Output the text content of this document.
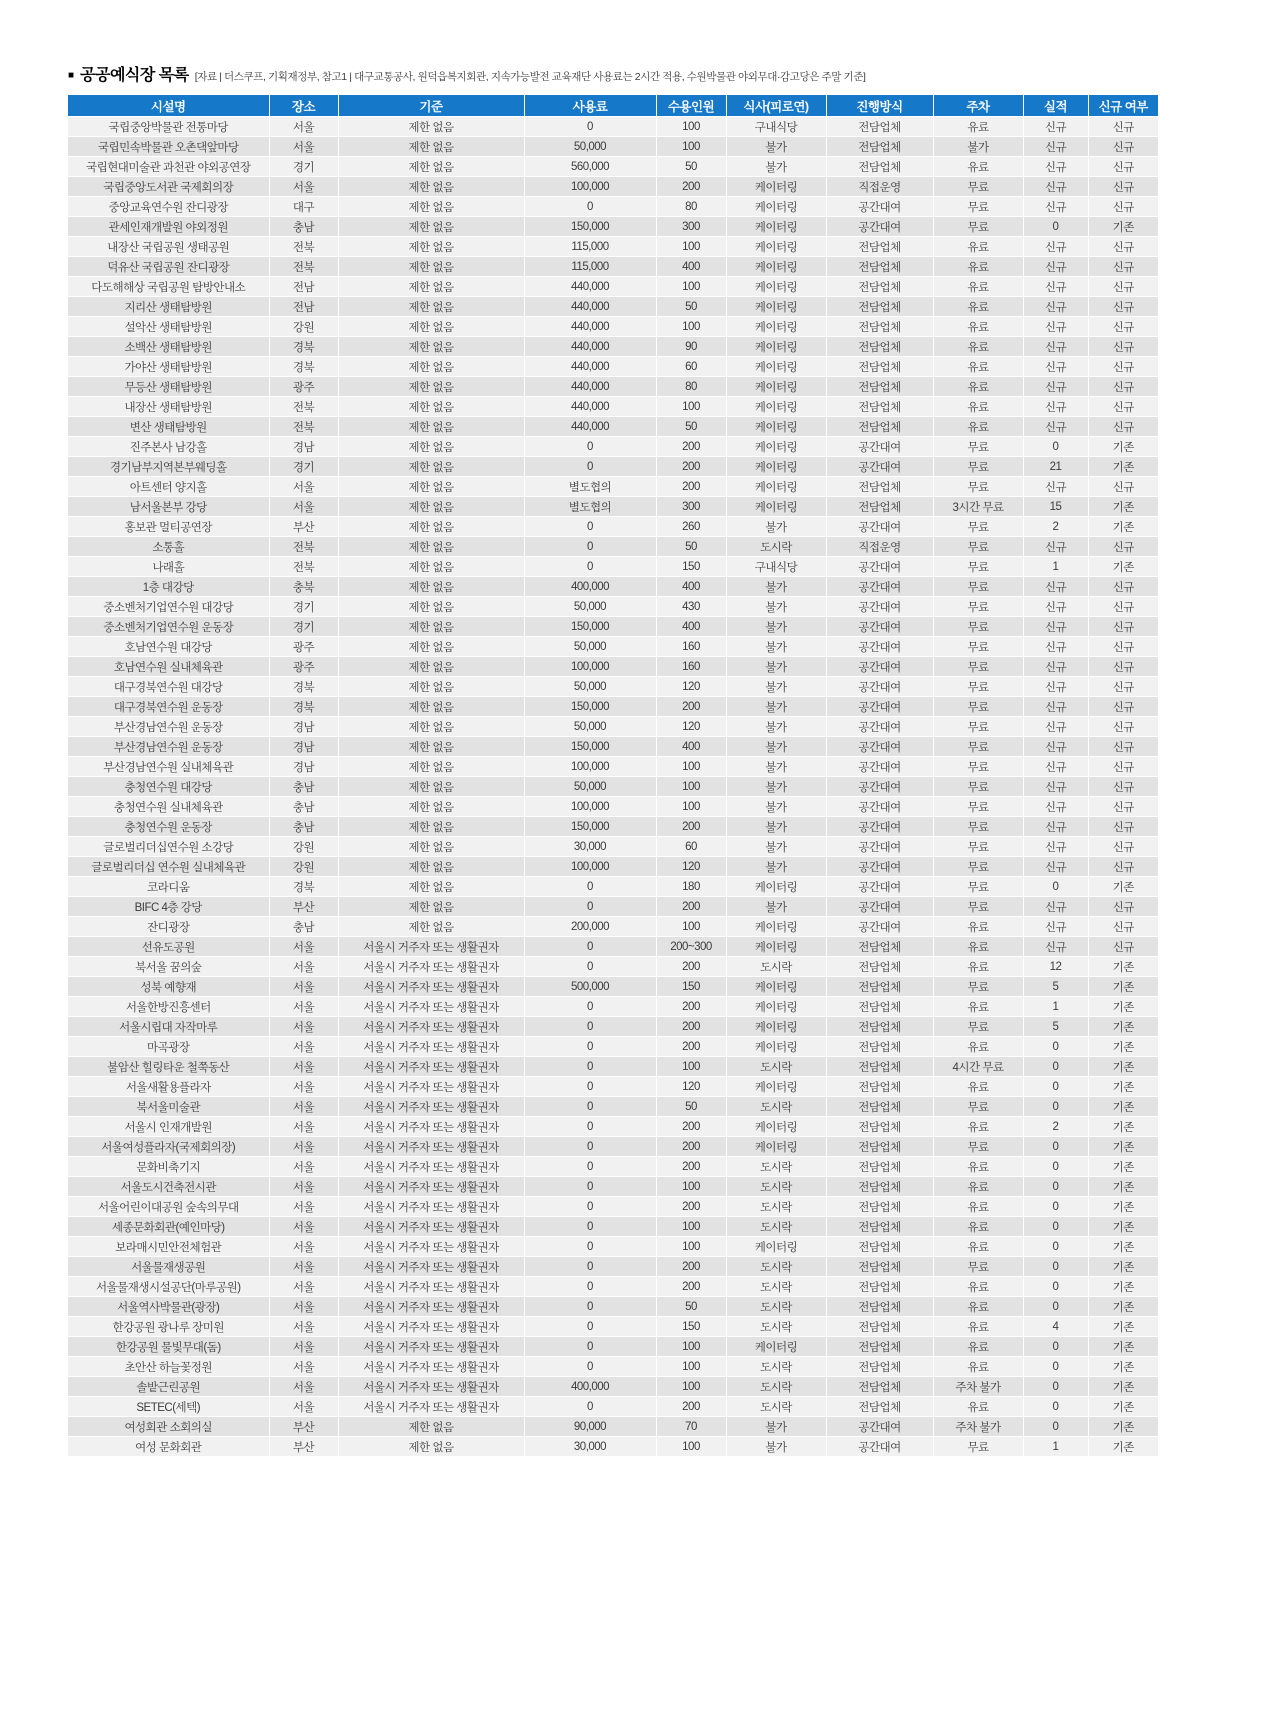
■ 공공예식장 목록 [자료 | 더스쿠프, 기획재정부, 참고1 | 대구교통공사, 원덕읍복지회관, 지속가능발전 교육재단 사용료는 2시간 적용, 수원박물관 야외무대·감고당은 주말 기준]
시설명	장소	기준	사용료	수용인원	식사(피로연)	진행방식	주차	실적	신규 여부
국립중앙박물관 전통마당	서울	제한 없음	0	100	구내식당	전담업체	유료	신규	신규
국립민속박물관 오촌댁앞마당	서울	제한 없음	50,000	100	불가	전담업체	불가	신규	신규
국립현대미술관 과천관 야외공연장	경기	제한 없음	560,000	50	불가	전담업체	유료	신규	신규
국립중앙도서관 국제회의장	서울	제한 없음	100,000	200	케이터링	직접운영	무료	신규	신규
중앙교육연수원 잔디광장	대구	제한 없음	0	80	케이터링	공간대여	무료	신규	신규
관세인재개발원 야외정원	충남	제한 없음	150,000	300	케이터링	공간대여	무료	0	기존
내장산 국립공원 생태공원	전북	제한 없음	115,000	100	케이터링	전담업체	유료	신규	신규
덕유산 국립공원 잔디광장	전북	제한 없음	115,000	400	케이터링	전담업체	유료	신규	신규
다도해해상 국립공원 탐방안내소	전남	제한 없음	440,000	100	케이터링	전담업체	유료	신규	신규
지리산 생태탐방원	전남	제한 없음	440,000	50	케이터링	전담업체	유료	신규	신규
설악산 생태탐방원	강원	제한 없음	440,000	100	케이터링	전담업체	유료	신규	신규
소백산 생태탐방원	경북	제한 없음	440,000	90	케이터링	전담업체	유료	신규	신규
가야산 생태탐방원	경북	제한 없음	440,000	60	케이터링	전담업체	유료	신규	신규
무등산 생태탐방원	광주	제한 없음	440,000	80	케이터링	전담업체	유료	신규	신규
내장산 생태탐방원	전북	제한 없음	440,000	100	케이터링	전담업체	유료	신규	신규
변산 생태탐방원	전북	제한 없음	440,000	50	케이터링	전담업체	유료	신규	신규
진주본사 남강홀	경남	제한 없음	0	200	케이터링	공간대여	무료	0	기존
경기남부지역본부웨딩홀	경기	제한 없음	0	200	케이터링	공간대여	무료	21	기존
아트센터 양지홀	서울	제한 없음	별도협의	200	케이터링	전담업체	무료	신규	신규
남서울본부 강당	서울	제한 없음	별도협의	300	케이터링	전담업체	3시간 무료	15	기존
홍보관 멀티공연장	부산	제한 없음	0	260	불가	공간대여	무료	2	기존
소통홀	전북	제한 없음	0	50	도시락	직접운영	무료	신규	신규
나래홀	전북	제한 없음	0	150	구내식당	공간대여	무료	1	기존
1층 대강당	충북	제한 없음	400,000	400	불가	공간대여	무료	신규	신규
중소벤처기업연수원 대강당	경기	제한 없음	50,000	430	불가	공간대여	무료	신규	신규
중소벤처기업연수원 운동장	경기	제한 없음	150,000	400	불가	공간대여	무료	신규	신규
호남연수원 대강당	광주	제한 없음	50,000	160	불가	공간대여	무료	신규	신규
호남연수원 실내체육관	광주	제한 없음	100,000	160	불가	공간대여	무료	신규	신규
대구경북연수원 대강당	경북	제한 없음	50,000	120	불가	공간대여	무료	신규	신규
대구경북연수원 운동장	경북	제한 없음	150,000	200	불가	공간대여	무료	신규	신규
부산경남연수원 운동장	경남	제한 없음	50,000	120	불가	공간대여	무료	신규	신규
부산경남연수원 운동장	경남	제한 없음	150,000	400	불가	공간대여	무료	신규	신규
부산경남연수원 실내체육관	경남	제한 없음	100,000	100	불가	공간대여	무료	신규	신규
충청연수원 대강당	충남	제한 없음	50,000	100	불가	공간대여	무료	신규	신규
충청연수원 실내체육관	충남	제한 없음	100,000	100	불가	공간대여	무료	신규	신규
충청연수원 운동장	충남	제한 없음	150,000	200	불가	공간대여	무료	신규	신규
글로벌리더십연수원 소강당	강원	제한 없음	30,000	60	불가	공간대여	무료	신규	신규
글로벌리더십 연수원 실내체육관	강원	제한 없음	100,000	120	불가	공간대여	무료	신규	신규
코라디움	경북	제한 없음	0	180	케이터링	공간대여	무료	0	기존
BIFC 4층 강당	부산	제한 없음	0	200	불가	공간대여	무료	신규	신규
잔디광장	충남	제한 없음	200,000	100	케이터링	공간대여	유료	신규	신규
선유도공원	서울	서울시 거주자 또는 생활권자	0	200~300	케이터링	전담업체	유료	신규	신규
북서울 꿈의숲	서울	서울시 거주자 또는 생활권자	0	200	도시락	전담업체	유료	12	기존
성북 예향재	서울	서울시 거주자 또는 생활권자	500,000	150	케이터링	전담업체	무료	5	기존
서울한방진흥센터	서울	서울시 거주자 또는 생활권자	0	200	케이터링	전담업체	유료	1	기존
서울시립대 자작마루	서울	서울시 거주자 또는 생활권자	0	200	케이터링	전담업체	무료	5	기존
마곡광장	서울	서울시 거주자 또는 생활권자	0	200	케이터링	전담업체	유료	0	기존
불암산 힐링타운 철쭉동산	서울	서울시 거주자 또는 생활권자	0	100	도시락	전담업체	4시간 무료	0	기존
서울새활용플라자	서울	서울시 거주자 또는 생활권자	0	120	케이터링	전담업체	유료	0	기존
북서울미술관	서울	서울시 거주자 또는 생활권자	0	50	도시락	전담업체	무료	0	기존
서울시 인재개발원	서울	서울시 거주자 또는 생활권자	0	200	케이터링	전담업체	유료	2	기존
서울여성플라자(국제회의장)	서울	서울시 거주자 또는 생활권자	0	200	케이터링	전담업체	무료	0	기존
문화비축기지	서울	서울시 거주자 또는 생활권자	0	200	도시락	전담업체	유료	0	기존
서울도시건축전시관	서울	서울시 거주자 또는 생활권자	0	100	도시락	전담업체	유료	0	기존
서울어린이대공원 숲속의무대	서울	서울시 거주자 또는 생활권자	0	200	도시락	전담업체	유료	0	기존
세종문화회관(예인마당)	서울	서울시 거주자 또는 생활권자	0	100	도시락	전담업체	유료	0	기존
보라매시민안전체험관	서울	서울시 거주자 또는 생활권자	0	100	케이터링	전담업체	유료	0	기존
서울물재생공원	서울	서울시 거주자 또는 생활권자	0	200	도시락	전담업체	무료	0	기존
서울물재생시설공단(마루공원)	서울	서울시 거주자 또는 생활권자	0	200	도시락	전담업체	유료	0	기존
서울역사박물관(광장)	서울	서울시 거주자 또는 생활권자	0	50	도시락	전담업체	유료	0	기존
한강공원 광나루 장미원	서울	서울시 거주자 또는 생활권자	0	150	도시락	전담업체	유료	4	기존
한강공원 물빛무대(돔)	서울	서울시 거주자 또는 생활권자	0	100	케이터링	전담업체	유료	0	기존
초안산 하늘꽃정원	서울	서울시 거주자 또는 생활권자	0	100	도시락	전담업체	유료	0	기존
솔밭근린공원	서울	서울시 거주자 또는 생활권자	400,000	100	도시락	전담업체	주차 불가	0	기존
SETEC(세텍)	서울	서울시 거주자 또는 생활권자	0	200	도시락	전담업체	유료	0	기존
여성회관 소회의실	부산	제한 없음	90,000	70	불가	공간대여	주차 불가	0	기존
여성 문화회관	부산	제한 없음	30,000	100	불가	공간대여	무료	1	기존
